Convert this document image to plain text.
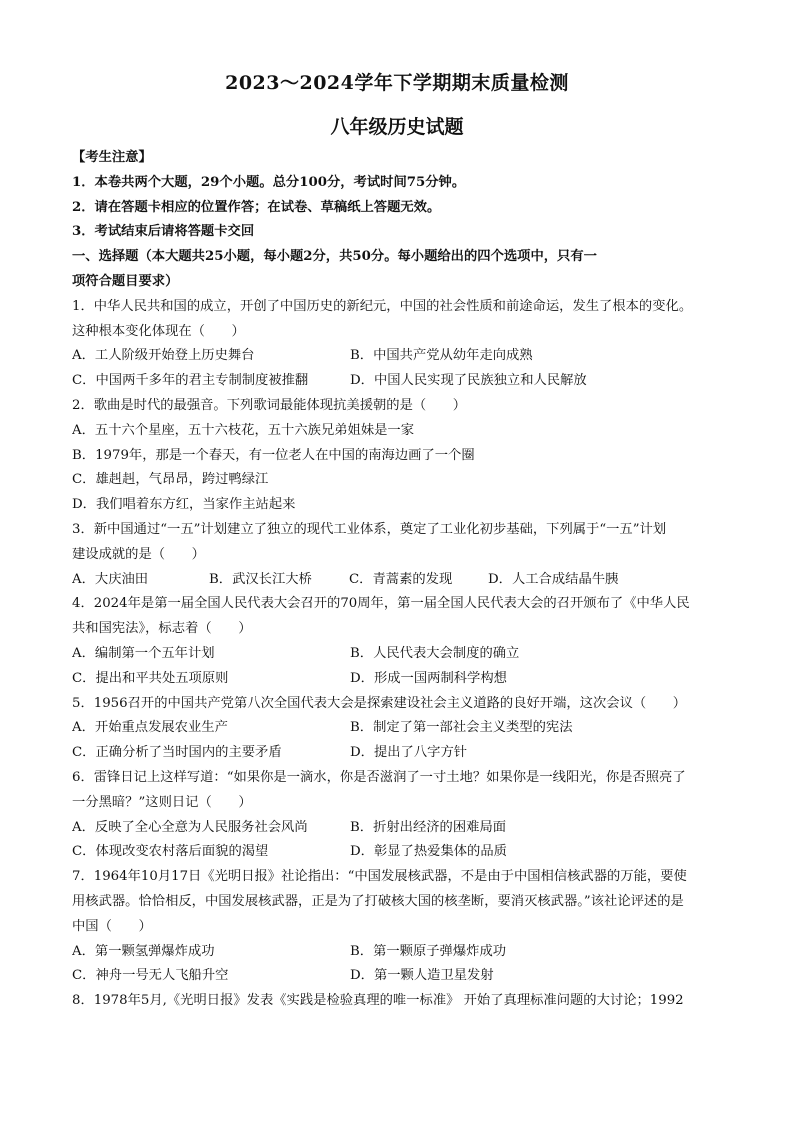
2023～2024学年下学期期末质量检测
八年级历史试题
【考生注意】
1．本卷共两个大题，29个小题。总分100分，考试时间75分钟。
2．请在答题卡相应的位置作答；在试卷、草稿纸上答题无效。
3．考试结束后请将答题卡交回
一、选择题（本大题共25小题，每小题2分，共50分。每小题给出的四个选项中，只有一
项符合题目要求）
1．中华人民共和国的成立，开创了中国历史的新纪元，中国的社会性质和前途命运，发生了根本的变化。
这种根本变化体现在（　　）
A．工人阶级开始登上历史舞台	B．中国共产党从幼年走向成熟
C．中国两千多年的君主专制制度被推翻	D．中国人民实现了民族独立和人民解放
2．歌曲是时代的最强音。下列歌词最能体现抗美援朝的是（　　）
A．五十六个星座，五十六枝花，五十六族兄弟姐妹是一家
B．1979年，那是一个春天，有一位老人在中国的南海边画了一个圈
C．雄赳赳，气昂昂，跨过鸭绿江
D．我们唱着东方红，当家作主站起来
3．新中国通过“一五”计划建立了独立的现代工业体系，奠定了工业化初步基础，下列属于“一五”计划
建设成就的是（　　）
A．大庆油田	B．武汉长江大桥	C．青蒿素的发现	D．人工合成结晶牛胰
4．2024年是第一届全国人民代表大会召开的70周年，第一届全国人民代表大会的召开颁布了《中华人民
共和国宪法》，标志着（　　）
A．编制第一个五年计划	B．人民代表大会制度的确立
C．提出和平共处五项原则	D．形成一国两制科学构想
5．1956召开的中国共产党第八次全国代表大会是探索建设社会主义道路的良好开端，这次会议（　　）
A．开始重点发展农业生产	B．制定了第一部社会主义类型的宪法
C．正确分析了当时国内的主要矛盾	D．提出了八字方针
6．雷锋日记上这样写道：“如果你是一滴水，你是否滋润了一寸土地？如果你是一线阳光，你是否照亮了
一分黑暗？”这则日记（　　）
A．反映了全心全意为人民服务社会风尚	B．折射出经济的困难局面
C．体现改变农村落后面貌的渴望	D．彰显了热爱集体的品质
7．1964年10月17日《光明日报》社论指出：“中国发展核武器，不是由于中国相信核武器的万能，要使
用核武器。恰恰相反，中国发展核武器，正是为了打破核大国的核垄断，要消灭核武器。”该社论评述的是
中国（　　）
A．第一颗氢弹爆炸成功	B．第一颗原子弹爆炸成功
C．神舟一号无人飞船升空	D．第一颗人造卫星发射
8．1978年5月,《光明日报》发表《实践是检验真理的唯一标准》 开始了真理标准问题的大讨论；1992
